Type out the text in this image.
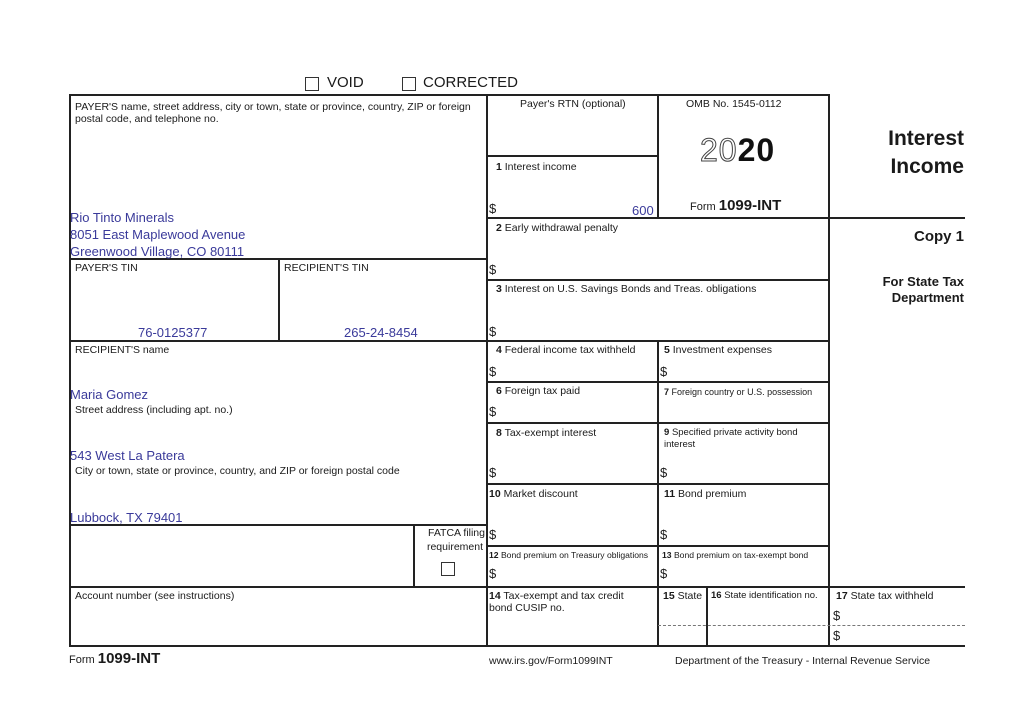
VOID	CORRECTED
PAYER'S name, street address, city or town, state or province, country, ZIP or foreign postal code, and telephone no.
Rio Tinto Minerals
8051 East Maplewood Avenue
Greenwood Village, CO 80111
PAYER'S TIN
76-0125377
RECIPIENT'S TIN
265-24-8454
RECIPIENT'S name
Maria Gomez
Street address (including apt. no.)
543 West La Patera
City or town, state or province, country, and ZIP or foreign postal code
Lubbock, TX 79401
FATCA filing
requirement
Account number (see instructions)
Payer's RTN (optional)	OMB No. 1545-0112
2020
Form 1099-INT
Interest
Income
Copy 1
For State Tax
Department
1 Interest income
$	600
2 Early withdrawal penalty
$
3 Interest on U.S. Savings Bonds and Treas. obligations
$
4 Federal income tax withheld
$
5 Investment expenses
$
6 Foreign tax paid
$
7 Foreign country or U.S. possession
8 Tax-exempt interest
$
9 Specified private activity bond interest
$
10 Market discount
$
11 Bond premium
$
12 Bond premium on Treasury obligations
$
13 Bond premium on tax-exempt bond
$
14 Tax-exempt and tax credit bond CUSIP no.
15 State 16 State identification no. 17 State tax withheld
$
$
Form 1099-INT	www.irs.gov/Form1099INT	Department of the Treasury - Internal Revenue Service
